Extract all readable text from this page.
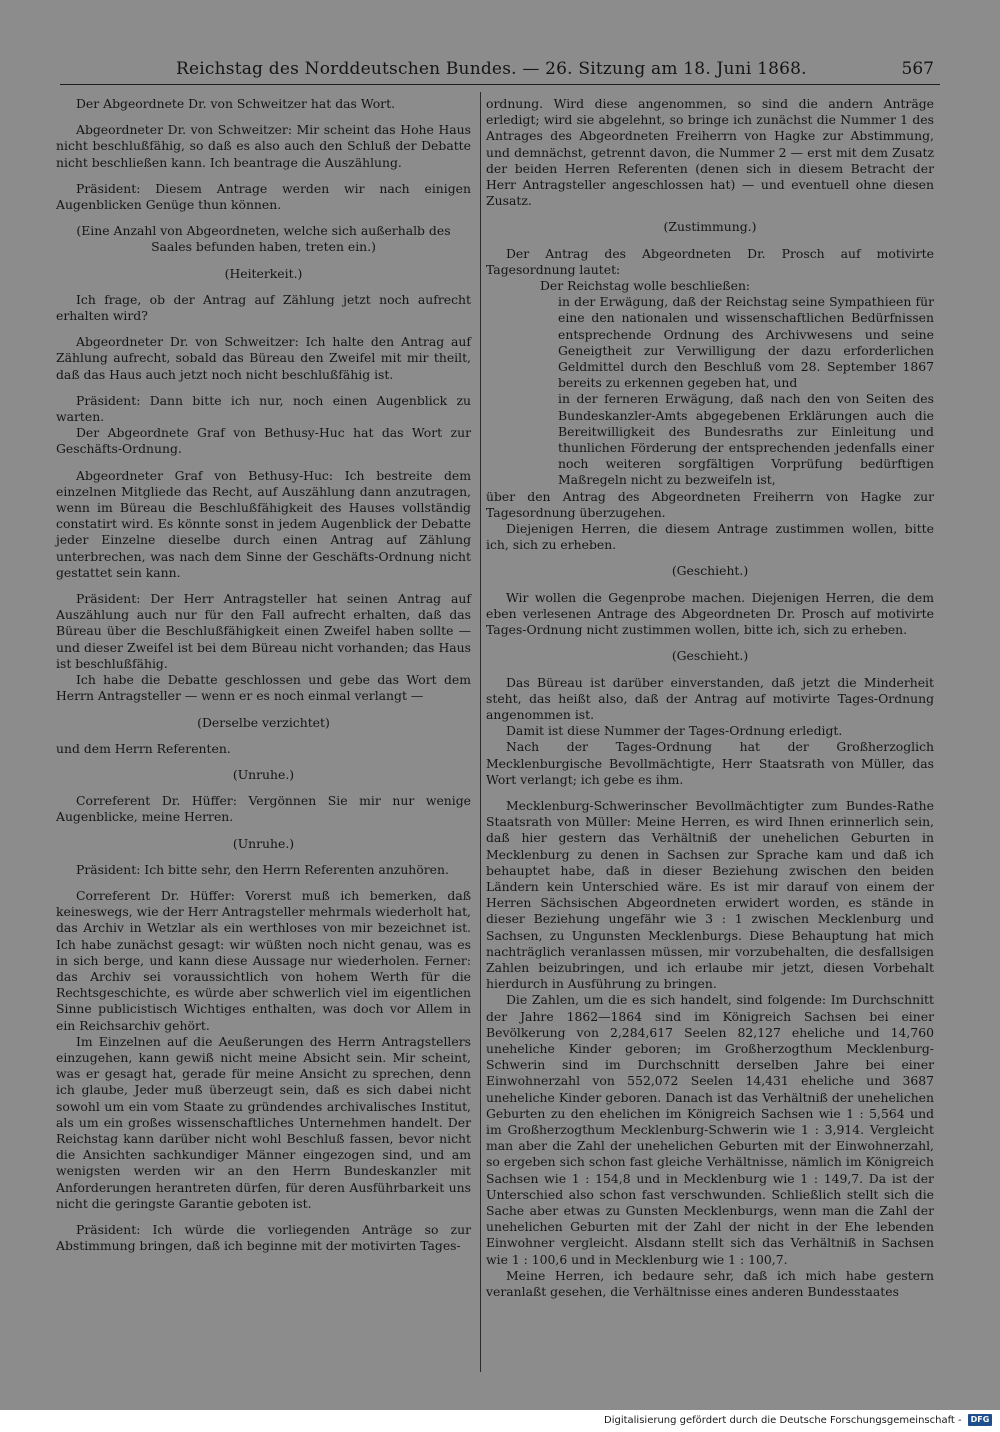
Reichstag des Norddeutschen Bundes. — 26. Sitzung am 18. Juni 1868.	567

Der Abgeordnete Dr. von Schweitzer hat das Wort.

Abgeordneter Dr. von Schweitzer: Mir scheint das Hohe Haus nicht beschlußfähig, so daß es also auch den Schluß der Debatte nicht beschließen kann. Ich beantrage die Auszählung.

Präsident: Diesem Antrage werden wir nach einigen Augenblicken Genüge thun können.

(Eine Anzahl von Abgeordneten, welche sich außerhalb des Saales befunden haben, treten ein.)

(Heiterkeit.)

Ich frage, ob der Antrag auf Zählung jetzt noch aufrecht erhalten wird?

Abgeordneter Dr. von Schweitzer: Ich halte den Antrag auf Zählung aufrecht, sobald das Büreau den Zweifel mit mir theilt, daß das Haus auch jetzt noch nicht beschlußfähig ist.

Präsident: Dann bitte ich nur, noch einen Augenblick zu warten.

Der Abgeordnete Graf von Bethusy-Huc hat das Wort zur Geschäfts-Ordnung.

Abgeordneter Graf von Bethusy-Huc: Ich bestreite dem einzelnen Mitgliede das Recht, auf Auszählung dann anzutragen, wenn im Büreau die Beschlußfähigkeit des Hauses vollständig constatirt wird. Es könnte sonst in jedem Augenblick der Debatte jeder Einzelne dieselbe durch einen Antrag auf Zählung unterbrechen, was nach dem Sinne der Geschäfts-Ordnung nicht gestattet sein kann.

Präsident: Der Herr Antragsteller hat seinen Antrag auf Auszählung auch nur für den Fall aufrecht erhalten, daß das Büreau über die Beschlußfähigkeit einen Zweifel haben sollte — und dieser Zweifel ist bei dem Büreau nicht vorhanden; das Haus ist beschlußfähig.

Ich habe die Debatte geschlossen und gebe das Wort dem Herrn Antragsteller — wenn er es noch einmal verlangt —

(Derselbe verzichtet)

und dem Herrn Referenten.

(Unruhe.)

Correferent Dr. Hüffer: Vergönnen Sie mir nur wenige Augenblicke, meine Herren.

(Unruhe.)

Präsident: Ich bitte sehr, den Herrn Referenten anzuhören.

Correferent Dr. Hüffer: Vorerst muß ich bemerken, daß keineswegs, wie der Herr Antragsteller mehrmals wiederholt hat, das Archiv in Wetzlar als ein werthloses von mir bezeichnet ist. Ich habe zunächst gesagt: wir wüßten noch nicht genau, was es in sich berge, und kann diese Aussage nur wiederholen. Ferner: das Archiv sei voraussichtlich von hohem Werth für die Rechtsgeschichte, es würde aber schwerlich viel im eigentlichen Sinne publicistisch Wichtiges enthalten, was doch vor Allem in ein Reichsarchiv gehört.

Im Einzelnen auf die Aeußerungen des Herrn Antragstellers einzugehen, kann gewiß nicht meine Absicht sein. Mir scheint, was er gesagt hat, gerade für meine Ansicht zu sprechen, denn ich glaube, Jeder muß überzeugt sein, daß es sich dabei nicht sowohl um ein vom Staate zu gründendes archivalisches Institut, als um ein großes wissenschaftliches Unternehmen handelt. Der Reichstag kann darüber nicht wohl Beschluß fassen, bevor nicht die Ansichten sachkundiger Männer eingezogen sind, und am wenigsten werden wir an den Herrn Bundeskanzler mit Anforderungen herantreten dürfen, für deren Ausführbarkeit uns nicht die geringste Garantie geboten ist.

Präsident: Ich würde die vorliegenden Anträge so zur Abstimmung bringen, daß ich beginne mit der motivirten Tages-

ordnung. Wird diese angenommen, so sind die andern Anträge erledigt; wird sie abgelehnt, so bringe ich zunächst die Nummer 1 des Antrages des Abgeordneten Freiherrn von Hagke zur Abstimmung, und demnächst, getrennt davon, die Nummer 2 — erst mit dem Zusatz der beiden Herren Referenten (denen sich in diesem Betracht der Herr Antragsteller angeschlossen hat) — und eventuell ohne diesen Zusatz.

(Zustimmung.)

Der Antrag des Abgeordneten Dr. Prosch auf motivirte Tagesordnung lautet:

Der Reichstag wolle beschließen:

in der Erwägung, daß der Reichstag seine Sympathieen für eine den nationalen und wissenschaftlichen Bedürfnissen entsprechende Ordnung des Archivwesens und seine Geneigtheit zur Verwilligung der dazu erforderlichen Geldmittel durch den Beschluß vom 28. September 1867 bereits zu erkennen gegeben hat, und

in der ferneren Erwägung, daß nach den von Seiten des Bundeskanzler-Amts abgegebenen Erklärungen auch die Bereitwilligkeit des Bundesraths zur Einleitung und thunlichen Förderung der entsprechenden jedenfalls einer noch weiteren sorgfältigen Vorprüfung bedürftigen Maßregeln nicht zu bezweifeln ist,

über den Antrag des Abgeordneten Freiherrn von Hagke zur Tagesordnung überzugehen.

Diejenigen Herren, die diesem Antrage zustimmen wollen, bitte ich, sich zu erheben.

(Geschieht.)

Wir wollen die Gegenprobe machen. Diejenigen Herren, die dem eben verlesenen Antrage des Abgeordneten Dr. Prosch auf motivirte Tages-Ordnung nicht zustimmen wollen, bitte ich, sich zu erheben.

(Geschieht.)

Das Büreau ist darüber einverstanden, daß jetzt die Minderheit steht, das heißt also, daß der Antrag auf motivirte Tages-Ordnung angenommen ist.

Damit ist diese Nummer der Tages-Ordnung erledigt.

Nach der Tages-Ordnung hat der Großherzoglich Mecklenburgische Bevollmächtigte, Herr Staatsrath von Müller, das Wort verlangt; ich gebe es ihm.

Mecklenburg-Schwerinscher Bevollmächtigter zum Bundes-Rathe Staatsrath von Müller: Meine Herren, es wird Ihnen erinnerlich sein, daß hier gestern das Verhältniß der unehelichen Geburten in Mecklenburg zu denen in Sachsen zur Sprache kam und daß ich behauptet habe, daß in dieser Beziehung zwischen den beiden Ländern kein Unterschied wäre. Es ist mir darauf von einem der Herren Sächsischen Abgeordneten erwidert worden, es stände in dieser Beziehung ungefähr wie 3 : 1 zwischen Mecklenburg und Sachsen, zu Ungunsten Mecklenburgs. Diese Behauptung hat mich nachträglich veranlassen müssen, mir vorzubehalten, die desfallsigen Zahlen beizubringen, und ich erlaube mir jetzt, diesen Vorbehalt hierdurch in Ausführung zu bringen.

Die Zahlen, um die es sich handelt, sind folgende: Im Durchschnitt der Jahre 1862—1864 sind im Königreich Sachsen bei einer Bevölkerung von 2,284,617 Seelen 82,127 eheliche und 14,760 uneheliche Kinder geboren; im Großherzogthum Mecklenburg-Schwerin sind im Durchschnitt derselben Jahre bei einer Einwohnerzahl von 552,072 Seelen 14,431 eheliche und 3687 uneheliche Kinder geboren. Danach ist das Verhältniß der unehelichen Geburten zu den ehelichen im Königreich Sachsen wie 1 : 5,564 und im Großherzogthum Mecklenburg-Schwerin wie 1 : 3,914. Vergleicht man aber die Zahl der unehelichen Geburten mit der Einwohnerzahl, so ergeben sich schon fast gleiche Verhältnisse, nämlich im Königreich Sachsen wie 1 : 154,8 und in Mecklenburg wie 1 : 149,7. Da ist der Unterschied also schon fast verschwunden. Schließlich stellt sich die Sache aber etwas zu Gunsten Mecklenburgs, wenn man die Zahl der unehelichen Geburten mit der Zahl der nicht in der Ehe lebenden Einwohner vergleicht. Alsdann stellt sich das Verhältniß in Sachsen wie 1 : 100,6 und in Mecklenburg wie 1 : 100,7.

Meine Herren, ich bedaure sehr, daß ich mich habe gestern veranlaßt gesehen, die Verhältnisse eines anderen Bundesstaates

Digitalisierung gefördert durch die Deutsche Forschungsgemeinschaft - DFG
